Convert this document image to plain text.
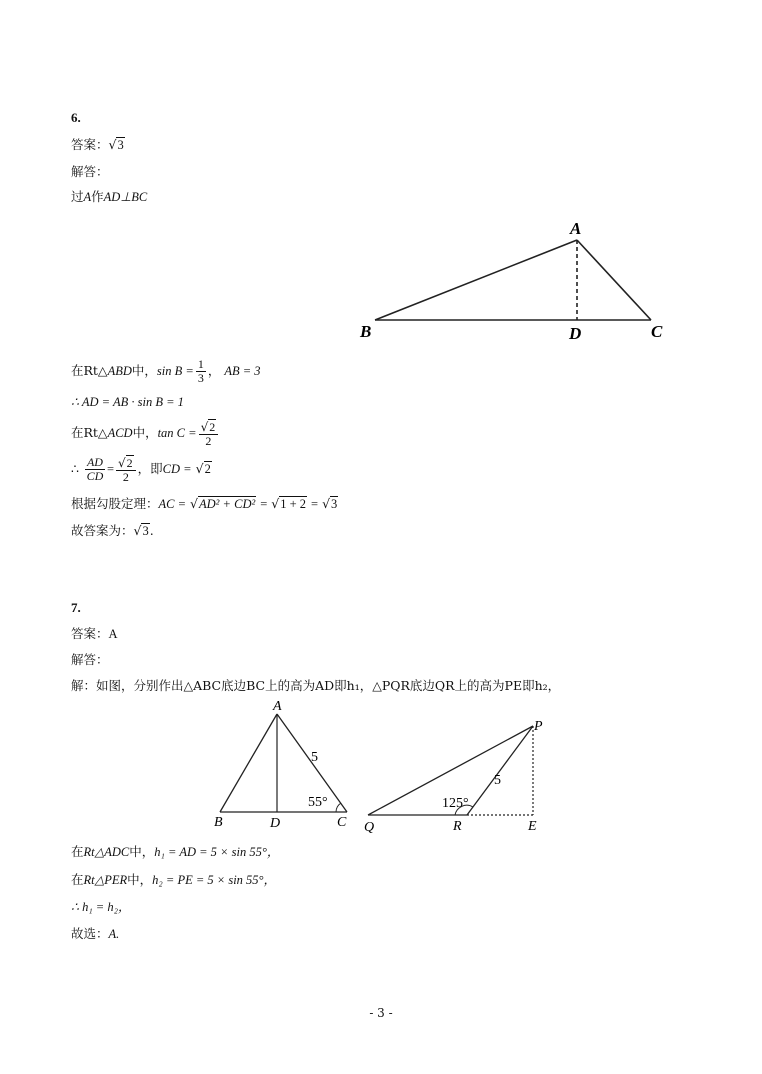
6.
答案：√3
解答：
过A作AD⊥BC
A
B	D	C
在Rt△ABD中，$\sin B = \frac{1}{3}$ ， AB = 3
∴ AD = AB · sin B = 1
在Rt△ACD中，$\tan C = \frac{√2}{2}$
∴ $\frac{AD}{CD} = \frac{√2}{2}$ ，即CD = √2
根据勾股定理：AC = √AD² + CD² = √1 + 2 = √3
故答案为：√3.
7.
答案：A
解答：
解：如图，分别作出△ABC底边BC上的高为AD即h₁，△PQR底边QR上的高为PE即h₂，
A
B	D	C
5
55°
P
Q	R	E
5
125°
在Rt△ADC中，h₁ = AD = 5 × sin 55°，
在Rt△PER中，h₂ = PE = 5 × sin 55°，
∴ h₁ = h₂，
故选：A.
- 3 -
